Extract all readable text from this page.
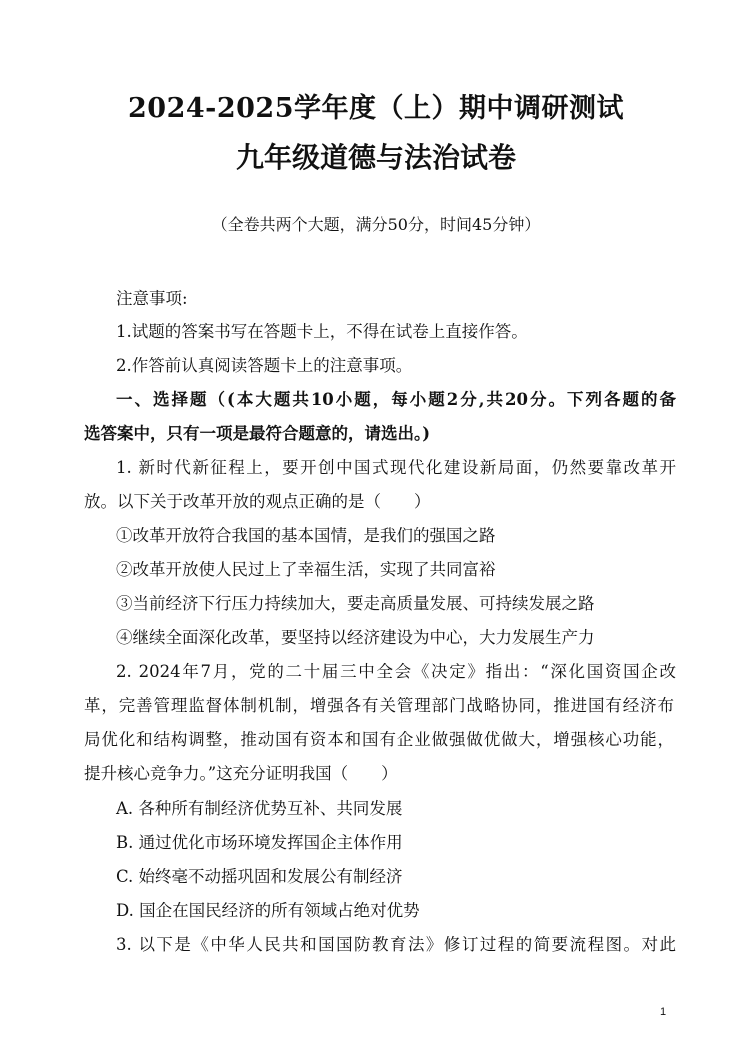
2024-2025学年度（上）期中调研测试
九年级道德与法治试卷
（全卷共两个大题，满分50分，时间45分钟）
注意事项:
1.试题的答案书写在答题卡上，不得在试卷上直接作答。
2.作答前认真阅读答题卡上的注意事项。
一、选择题（(本大题共10小题，每小题2分,共20分。下列各题的备
选答案中，只有一项是最符合题意的，请选出。)
1. 新时代新征程上，要开创中国式现代化建设新局面，仍然要靠改革开
放。以下关于改革开放的观点正确的是（　　）
①改革开放符合我国的基本国情，是我们的强国之路
②改革开放使人民过上了幸福生活，实现了共同富裕
③当前经济下行压力持续加大，要走高质量发展、可持续发展之路
④继续全面深化改革，要坚持以经济建设为中心，大力发展生产力
2. 2024年7月，党的二十届三中全会《决定》指出：“深化国资国企改
革，完善管理监督体制机制，增强各有关管理部门战略协同，推进国有经济布
局优化和结构调整，推动国有资本和国有企业做强做优做大，增强核心功能，
提升核心竞争力。”这充分证明我国（　　）
A. 各种所有制经济优势互补、共同发展
B. 通过优化市场环境发挥国企主体作用
C. 始终毫不动摇巩固和发展公有制经济
D. 国企在国民经济的所有领域占绝对优势
3. 以下是《中华人民共和国国防教育法》修订过程的简要流程图。对此
1
